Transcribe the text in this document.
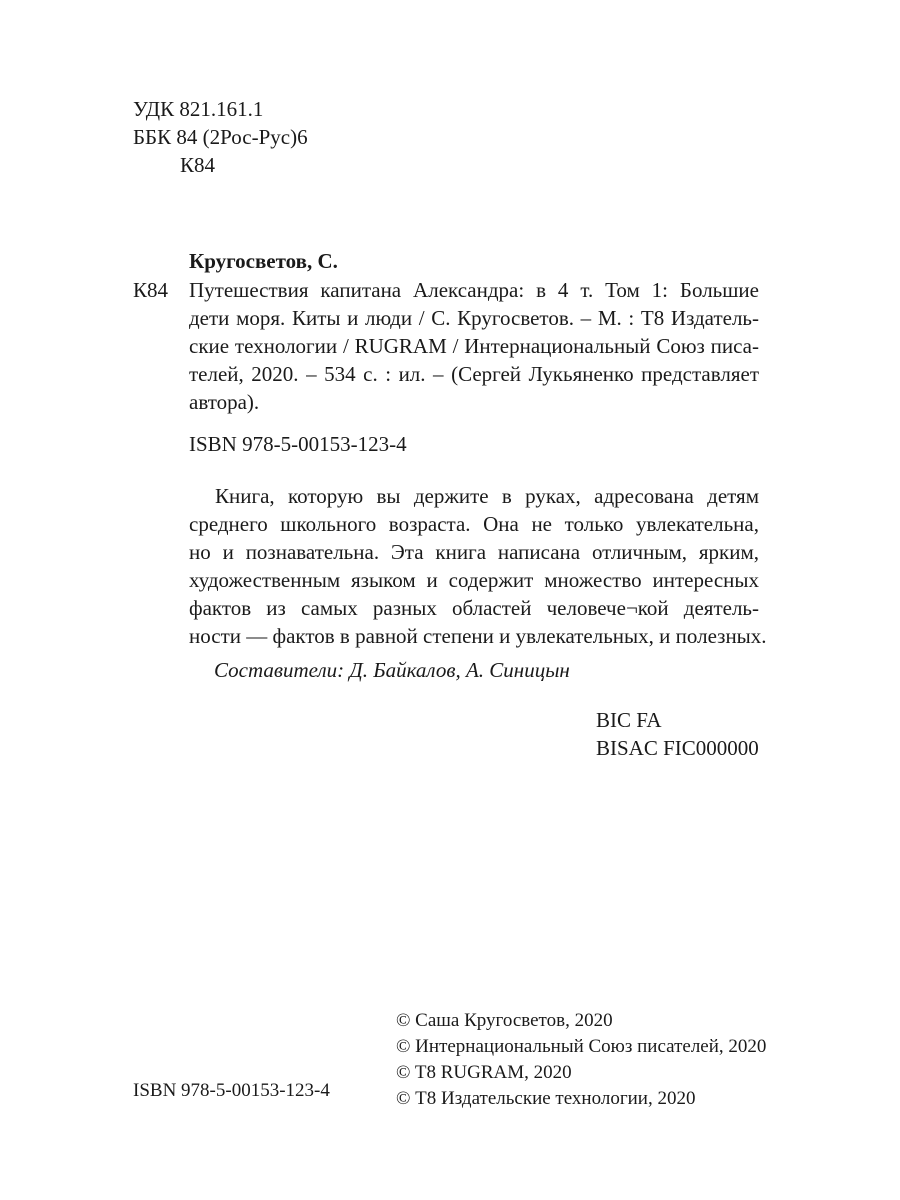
УДК 821.161.1
ББК 84 (2Рос-Рус)6
К84
Кругосветов, С.
К84 Путешествия капитана Александра: в 4 т. Том 1: Большие
дети моря. Киты и люди / С. Кругосветов. – М. : Т8 Издатель-
ские технологии / RUGRAM / Интернациональный Союз писа-
телей, 2020. – 534 с. : ил. – (Сергей Лукьяненко представляет
автора).
ISBN 978-5-00153-123-4
Книга, которую вы держите в руках, адресована детям
среднего школьного возраста. Она не только увлекательна,
но и познавательна. Эта книга написана отличным, ярким,
художественным языком и содержит множество интересных
фактов из самых разных областей человече¬кой деятель-
ности — фактов в равной степени и увлекательных, и полезных.
Составители: Д. Байкалов, А. Синицын
BIC FA
BISAC FIC000000
© Саша Кругосветов, 2020
© Интернациональный Союз писателей, 2020
© T8 RUGRAM, 2020
© Т8 Издательские технологии, 2020
ISBN 978-5-00153-123-4
